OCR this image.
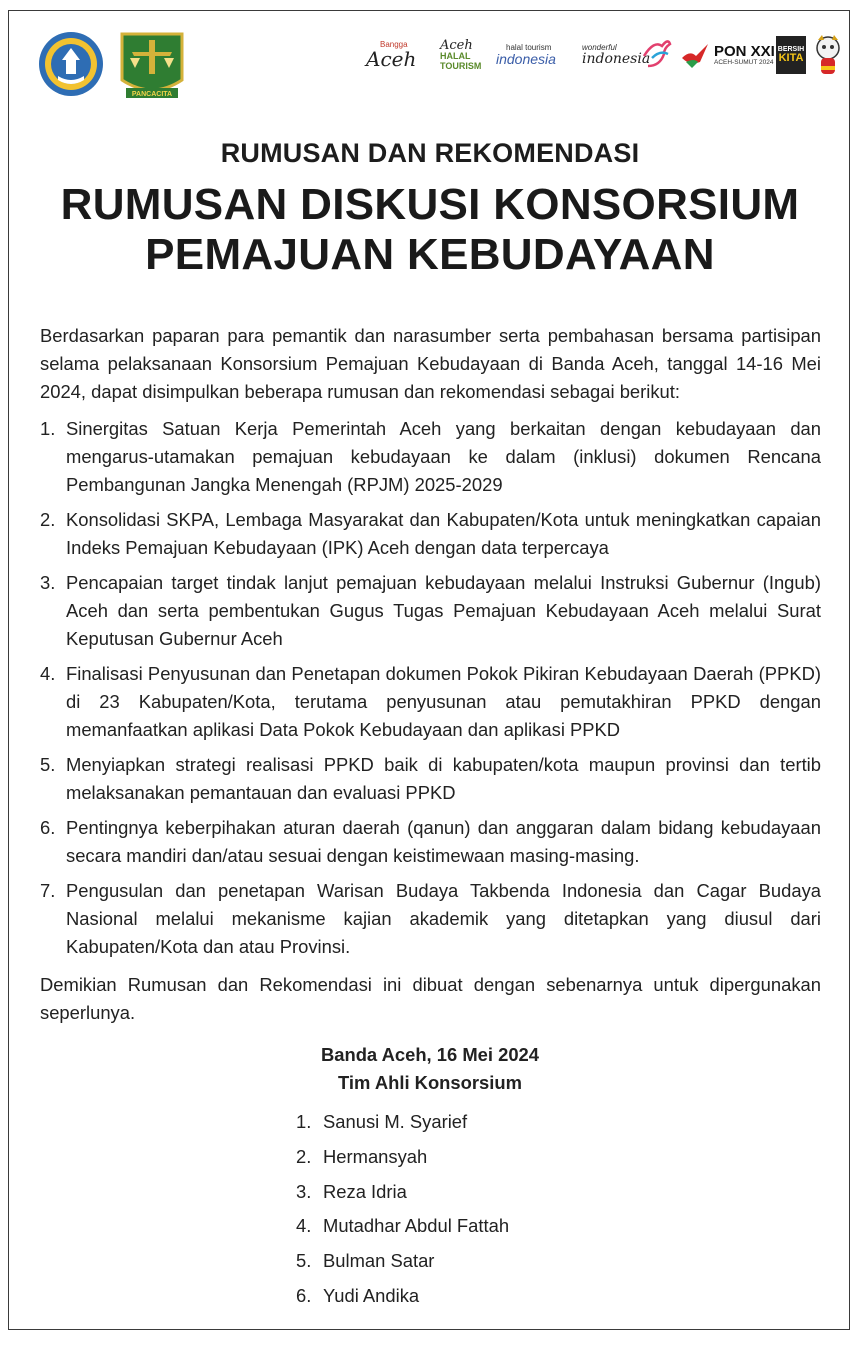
PANCACITA
Bangga
Aceh
Aceh
HALAL TOURISM
halal tourism
indonesia
wonderful
indonesia	PON XXI
ACEH-SUMUT 2024
BERSIH
KITA
RUMUSAN DAN REKOMENDASI
RUMUSAN DISKUSI KONSORSIUM
PEMAJUAN KEBUDAYAAN

Berdasarkan paparan para pemantik dan narasumber serta pembahasan bersama partisipan selama pelaksanaan Konsorsium Pemajuan Kebudayaan di Banda Aceh, tanggal 14-16 Mei 2024, dapat disimpulkan beberapa rumusan dan rekomendasi sebagai berikut:

1. Sinergitas Satuan Kerja Pemerintah Aceh yang berkaitan dengan kebudayaan dan mengarus-utamakan pemajuan kebudayaan ke dalam (inklusi) dokumen Rencana Pembangunan Jangka Menengah (RPJM) 2025-2029
2. Konsolidasi SKPA, Lembaga Masyarakat dan Kabupaten/Kota untuk meningkatkan capaian Indeks Pemajuan Kebudayaan (IPK) Aceh dengan data terpercaya
3. Pencapaian target tindak lanjut pemajuan kebudayaan melalui Instruksi Gubernur (Ingub) Aceh dan serta pembentukan Gugus Tugas Pemajuan Kebudayaan Aceh melalui Surat Keputusan Gubernur Aceh
4. Finalisasi Penyusunan dan Penetapan dokumen Pokok Pikiran Kebudayaan Daerah (PPKD) di 23 Kabupaten/Kota, terutama penyusunan atau pemutakhiran PPKD dengan memanfaatkan aplikasi Data Pokok Kebudayaan dan aplikasi PPKD
5. Menyiapkan strategi realisasi PPKD baik di kabupaten/kota maupun provinsi dan tertib melaksanakan pemantauan dan evaluasi PPKD
6. Pentingnya keberpihakan aturan daerah (qanun) dan anggaran dalam bidang kebudayaan secara mandiri dan/atau sesuai dengan keistimewaan masing-masing.
7. Pengusulan dan penetapan Warisan Budaya Takbenda Indonesia dan Cagar Budaya Nasional melalui mekanisme kajian akademik yang ditetapkan yang diusul dari Kabupaten/Kota dan atau Provinsi.

Demikian Rumusan dan Rekomendasi ini dibuat dengan sebenarnya untuk dipergunakan seperlunya.

Banda Aceh, 16 Mei 2024
Tim Ahli Konsorsium
1. Sanusi M. Syarief
2. Hermansyah
3. Reza Idria
4. Mutadhar Abdul Fattah
5. Bulman Satar
6. Yudi Andika
